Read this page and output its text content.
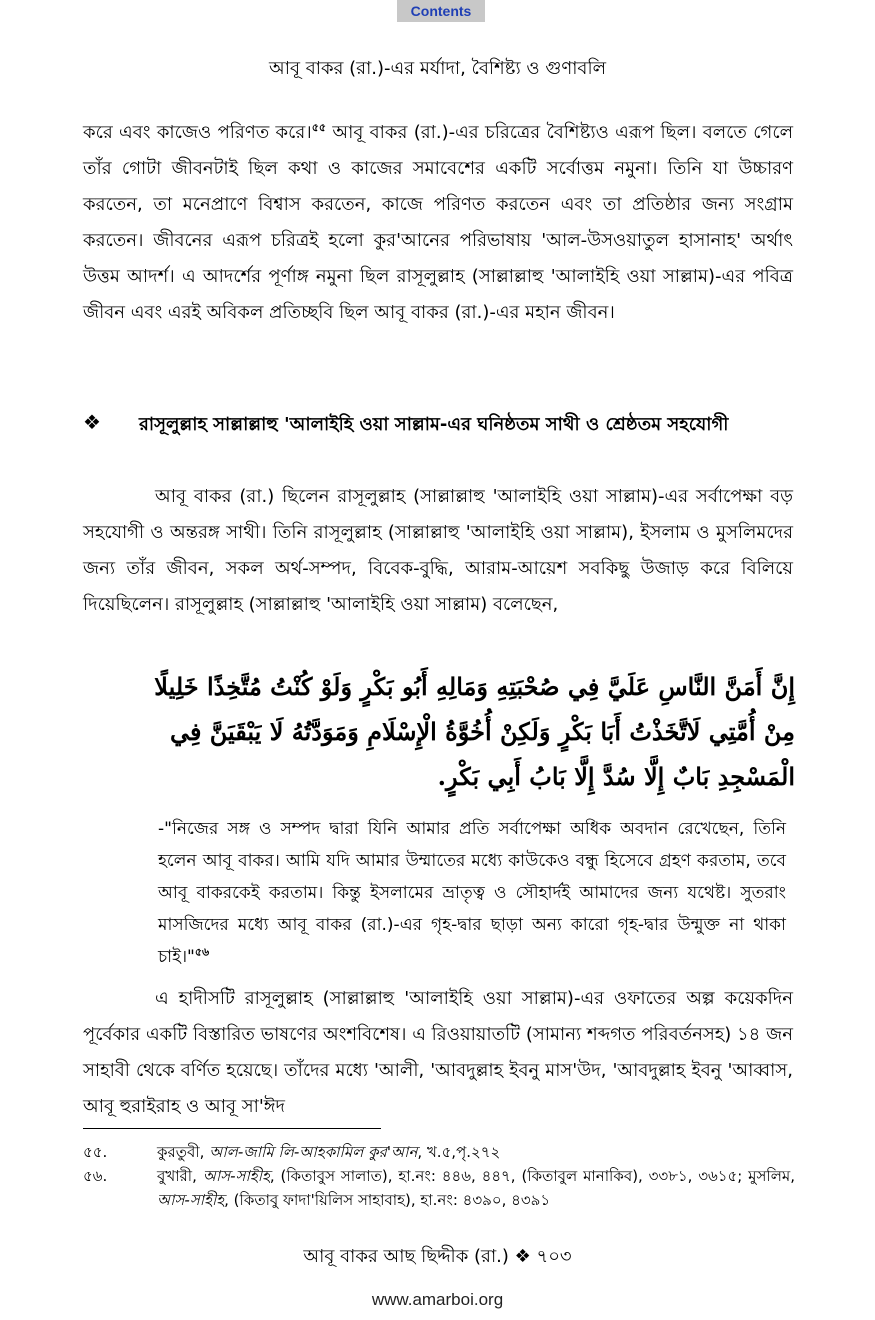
Contents
আবূ বাকর (রা.)-এর মর্যাদা, বৈশিষ্ট্য ও গুণাবলি

করে এবং কাজেও পরিণত করে।$^{৫৫}$ আবূ বাকর (রা.)-এর চরিত্রের বৈশিষ্ট্যও এরূপ ছিল। বলতে গেলে তাঁর গোটা জীবনটাই ছিল কথা ও কাজের সমাবেশের একটি সর্বোত্তম নমুনা। তিনি যা উচ্চারণ করতেন, তা মনেপ্রাণে বিশ্বাস করতেন, কাজে পরিণত করতেন এবং তা প্রতিষ্ঠার জন্য সংগ্রাম করতেন। জীবনের এরূপ চরিত্রই হলো কুর'আনের পরিভাষায় 'আল-উসওয়াতুল হাসানাহ' অর্থাৎ উত্তম আদর্শ। এ আদর্শের পূর্ণাঙ্গ নমুনা ছিল রাসূলুল্লাহ (সাল্লাল্লাহু 'আলাইহি ওয়া সাল্লাম)-এর পবিত্র জীবন এবং এরই অবিকল প্রতিচ্ছবি ছিল আবূ বাকর (রা.)-এর মহান জীবন।

❖ রাসূলুল্লাহ সাল্লাল্লাহু 'আলাইহি ওয়া সাল্লাম-এর ঘনিষ্ঠতম সাথী ও শ্রেষ্ঠতম সহযোগী

আবূ বাকর (রা.) ছিলেন রাসূলুল্লাহ (সাল্লাল্লাহু 'আলাইহি ওয়া সাল্লাম)-এর সর্বাপেক্ষা বড় সহযোগী ও অন্তরঙ্গ সাথী। তিনি রাসূলুল্লাহ (সাল্লাল্লাহু 'আলাইহি ওয়া সাল্লাম), ইসলাম ও মুসলিমদের জন্য তাঁর জীবন, সকল অর্থ-সম্পদ, বিবেক-বুদ্ধি, আরাম-আয়েশ সবকিছু উজাড় করে বিলিয়ে দিয়েছিলেন। রাসূলুল্লাহ (সাল্লাল্লাহু 'আলাইহি ওয়া সাল্লাম) বলেছেন,

إِنَّ أَمَنَّ النَّاسِ عَلَيَّ فِي صُحْبَتِهِ وَمَالِهِ أَبُو بَكْرٍ وَلَوْ كُنْتُ مُتَّخِذًا خَلِيلًا مِنْ أُمَّتِي لَاتَّخَذْتُ أَبَا بَكْرٍ وَلَكِنْ أُخُوَّةُ الْإِسْلَامِ وَمَوَدَّتُهُ لَا يَبْقَيَنَّ فِي الْمَسْجِدِ بَابٌ إِلَّا سُدَّ إِلَّا بَابُ أَبِي بَكْرٍ.
-"নিজের সঙ্গ ও সম্পদ দ্বারা যিনি আমার প্রতি সর্বাপেক্ষা অধিক অবদান রেখেছেন, তিনি হলেন আবূ বাকর। আমি যদি আমার উম্মাতের মধ্যে কাউকেও বন্ধু হিসেবে গ্রহণ করতাম, তবে আবূ বাকরকেই করতাম। কিন্তু ইসলামের ভ্রাতৃত্ব ও সৌহার্দই আমাদের জন্য যথেষ্ট। সুতরাং মাসজিদের মধ্যে আবূ বাকর (রা.)-এর গৃহ-দ্বার ছাড়া অন্য কারো গৃহ-দ্বার উন্মুক্ত না থাকা চাই।"$^{৫৬}$

এ হাদীসটি রাসূলুল্লাহ (সাল্লাল্লাহু 'আলাইহি ওয়া সাল্লাম)-এর ওফাতের অল্প কয়েকদিন পূর্বেকার একটি বিস্তারিত ভাষণের অংশবিশেষ। এ রিওয়ায়াতটি (সামান্য শব্দগত পরিবর্তনসহ) ১৪ জন সাহাবী থেকে বর্ণিত হয়েছে। তাঁদের মধ্যে 'আলী, 'আবদুল্লাহ ইবনু মাস'উদ, 'আবদুল্লাহ ইবনু 'আব্বাস, আবূ হুরাইরাহ ও আবূ সা'ঈদ

৫৫.	কুরতুবী, আল-জামি লি-আহকামিল কুর'আন, খ.৫,পৃ.২৭২
৫৬.	বুখারী, আস-সাহীহ, (কিতাবুস সালাত), হা.নং: ৪৪৬, ৪৪৭, (কিতাবুল মানাকিব), ৩৩৮১, ৩৬১৫; মুসলিম, আস-সাহীহ, (কিতাবু ফাদা'য়িলিস সাহাবাহ), হা.নং: ৪৩৯০, ৪৩৯১
আবূ বাকর আছ ছিদ্দীক (রা.) ❖ ৭০৩
www.amarboi.org
